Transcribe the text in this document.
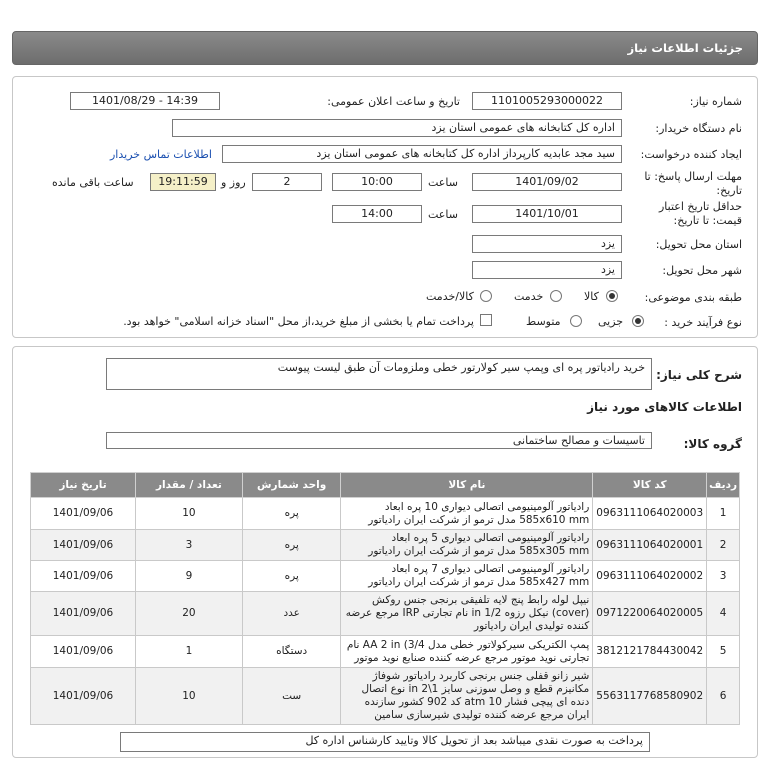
جزئیات اطلاعات نیاز
شماره نیاز:
1101005293000022
تاریخ و ساعت اعلان عمومی:
1401/08/29 - 14:39
نام دستگاه خریدار:
اداره کل کتابخانه های عمومی استان یزد
ایجاد کننده درخواست:
سید مجد عابدیه کارپرداز اداره کل کتابخانه های عمومی استان یزد
اطلاعات تماس خریدار
مهلت ارسال پاسخ: تا
تاریخ:
1401/09/02
ساعت
10:00
2
روز و
19:11:59
ساعت باقی مانده
حداقل تاریخ اعتبار
قیمت: تا تاریخ:
1401/10/01
ساعت
14:00
استان محل تحویل:
یزد
شهر محل تحویل:
یزد
طبقه بندی موضوعی:
کالا
خدمت
کالا/خدمت
نوع فرآیند خرید :
جزیی
متوسط
پرداخت تمام یا بخشی از مبلغ خرید،از محل "اسناد خزانه اسلامی" خواهد بود.
شرح کلی نیاز:
خرید رادیاتور پره ای وپمپ سیر کولارتور خطی وملزومات آن طبق لیست پیوست
اطلاعات کالاهای مورد نیاز
گروه کالا:
تاسیسات و مصالح ساختمانی
ردیف	کد کالا	نام کالا	واحد شمارش	تعداد / مقدار	تاریخ نیاز
1	0963111064020003	رادیاتور آلومینیومی اتصالی دیواری 10 پره ابعاد 585x610 mm مدل ترمو از شرکت ایران رادیاتور	پره	10	1401/09/06
2	0963111064020001	رادیاتور آلومینیومی اتصالی دیواری 5 پره ابعاد 585x305 mm مدل ترمو از شرکت ایران رادیاتور	پره	3	1401/09/06
3	0963111064020002	رادیاتور آلومینیومی اتصالی دیواری 7 پره ابعاد 585x427 mm مدل ترمو از شرکت ایران رادیاتور	پره	9	1401/09/06
4	0971220064020005	نیپل لوله رابط پنج لایه تلفیقی برنجی جنس روکش (cover) نیکل رزوه in 1/2 نام تجارتی IRP مرجع عرضه کننده تولیدی ایران رادیاتور	عدد	20	1401/09/06
5	3812121784430042	پمپ الکتریکی سیرکولاتور خطی مدل AA 2 in (3/4 نام تجارتی نوید موتور مرجع عرضه کننده صنایع نوید موتور	دستگاه	1	1401/09/06
6	5563117768580902	شیر زانو قفلی جنس برنجی کاربرد رادیاتور شوفاژ مکانیزم قطع و وصل سوزنی سایز in 2\1 نوع اتصال دنده ای پیچی فشار 10 atm کد 902 کشور سازنده ایران مرجع عرضه کننده تولیدی شیرسازی سامین	ست	10	1401/09/06
پرداخت به صورت نقدی میباشد بعد از تحویل کالا وتایید کارشناس اداره کل
